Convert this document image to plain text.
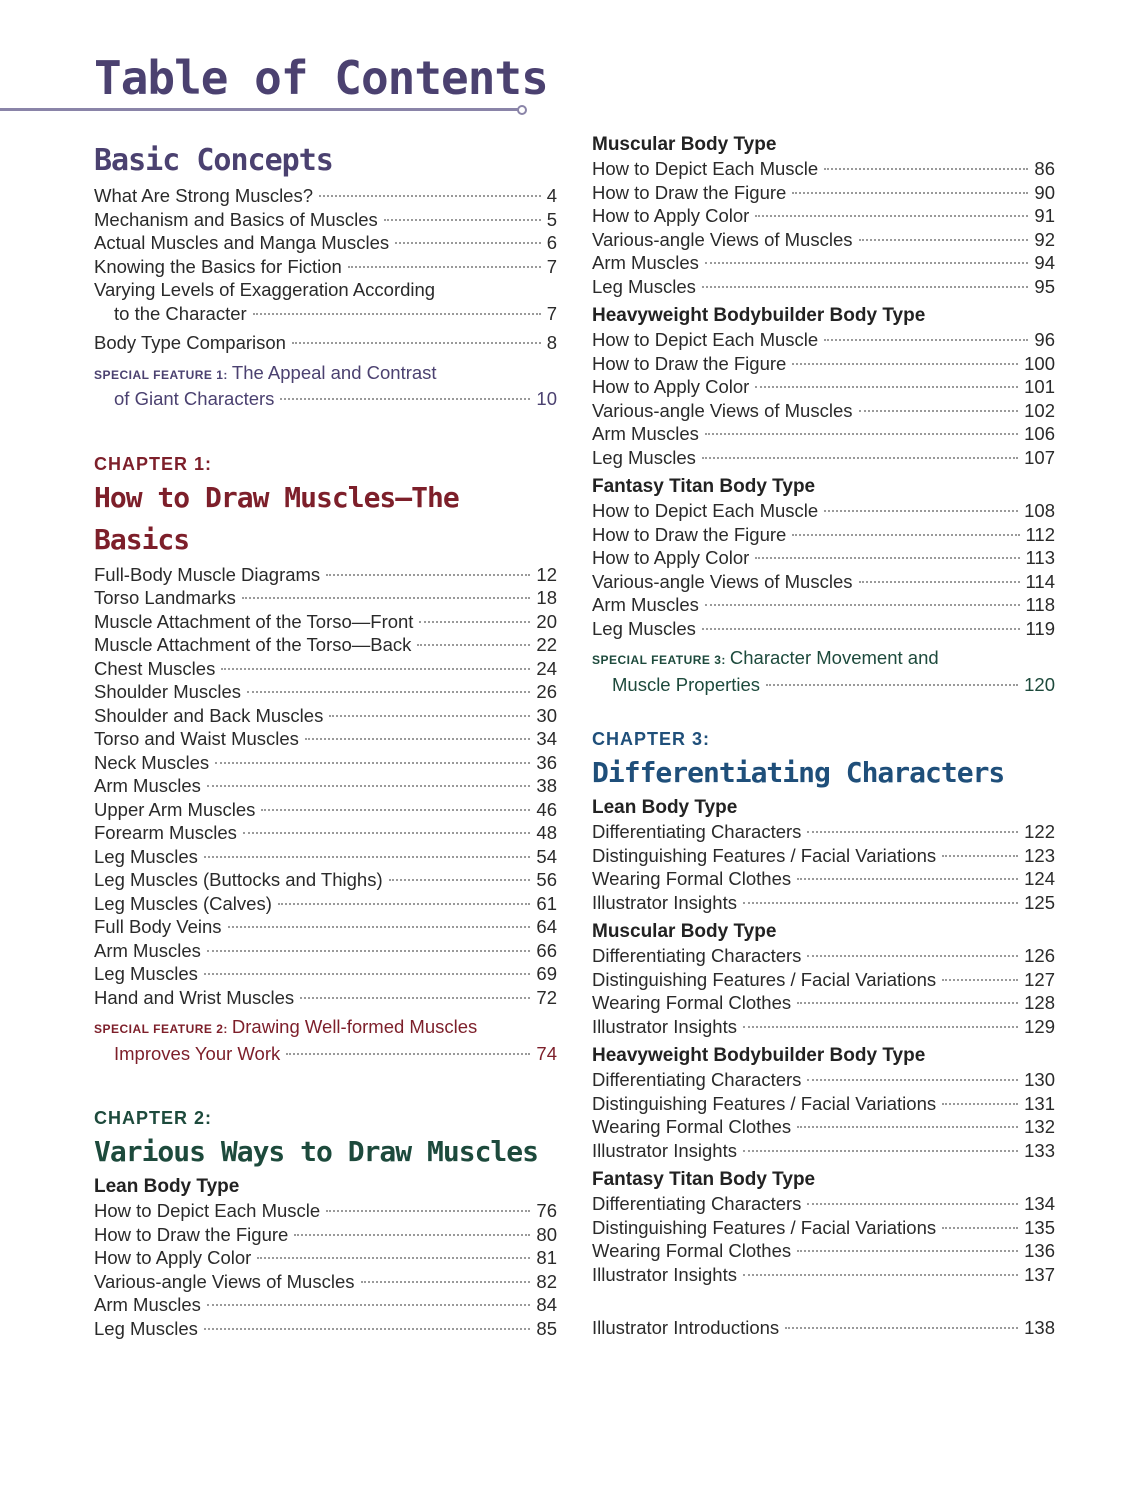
Table of Contents
Basic Concepts
What Are Strong Muscles?	4
Mechanism and Basics of Muscles	5
Actual Muscles and Manga Muscles	6
Knowing the Basics for Fiction	7
Varying Levels of Exaggeration According
to the Character	7
Body Type Comparison	8
SPECIAL FEATURE 1: The Appeal and Contrast
of Giant Characters	10
CHAPTER 1:
How to Draw Muscles—The Basics
Full-Body Muscle Diagrams	12
Torso Landmarks	18
Muscle Attachment of the Torso—Front	20
Muscle Attachment of the Torso—Back	22
Chest Muscles	24
Shoulder Muscles	26
Shoulder and Back Muscles	30
Torso and Waist Muscles	34
Neck Muscles	36
Arm Muscles	38
Upper Arm Muscles	46
Forearm Muscles	48
Leg Muscles	54
Leg Muscles (Buttocks and Thighs)	56
Leg Muscles (Calves)	61
Full Body Veins	64
Arm Muscles	66
Leg Muscles	69
Hand and Wrist Muscles	72
SPECIAL FEATURE 2: Drawing Well-formed Muscles
Improves Your Work	74
CHAPTER 2:
Various Ways to Draw Muscles
Lean Body Type
How to Depict Each Muscle	76
How to Draw the Figure	80
How to Apply Color	81
Various-angle Views of Muscles	82
Arm Muscles	84
Leg Muscles	85
Muscular Body Type
How to Depict Each Muscle	86
How to Draw the Figure	90
How to Apply Color	91
Various-angle Views of Muscles	92
Arm Muscles	94
Leg Muscles	95
Heavyweight Bodybuilder Body Type
How to Depict Each Muscle	96
How to Draw the Figure	100
How to Apply Color	101
Various-angle Views of Muscles	102
Arm Muscles	106
Leg Muscles	107
Fantasy Titan Body Type
How to Depict Each Muscle	108
How to Draw the Figure	112
How to Apply Color	113
Various-angle Views of Muscles	114
Arm Muscles	118
Leg Muscles	119
SPECIAL FEATURE 3: Character Movement and
Muscle Properties	120
CHAPTER 3:
Differentiating Characters
Lean Body Type
Differentiating Characters	122
Distinguishing Features / Facial Variations	123
Wearing Formal Clothes	124
Illustrator Insights	125
Muscular Body Type
Differentiating Characters	126
Distinguishing Features / Facial Variations	127
Wearing Formal Clothes	128
Illustrator Insights	129
Heavyweight Bodybuilder Body Type
Differentiating Characters	130
Distinguishing Features / Facial Variations	131
Wearing Formal Clothes	132
Illustrator Insights	133
Fantasy Titan Body Type
Differentiating Characters	134
Distinguishing Features / Facial Variations	135
Wearing Formal Clothes	136
Illustrator Insights	137
Illustrator Introductions	138
